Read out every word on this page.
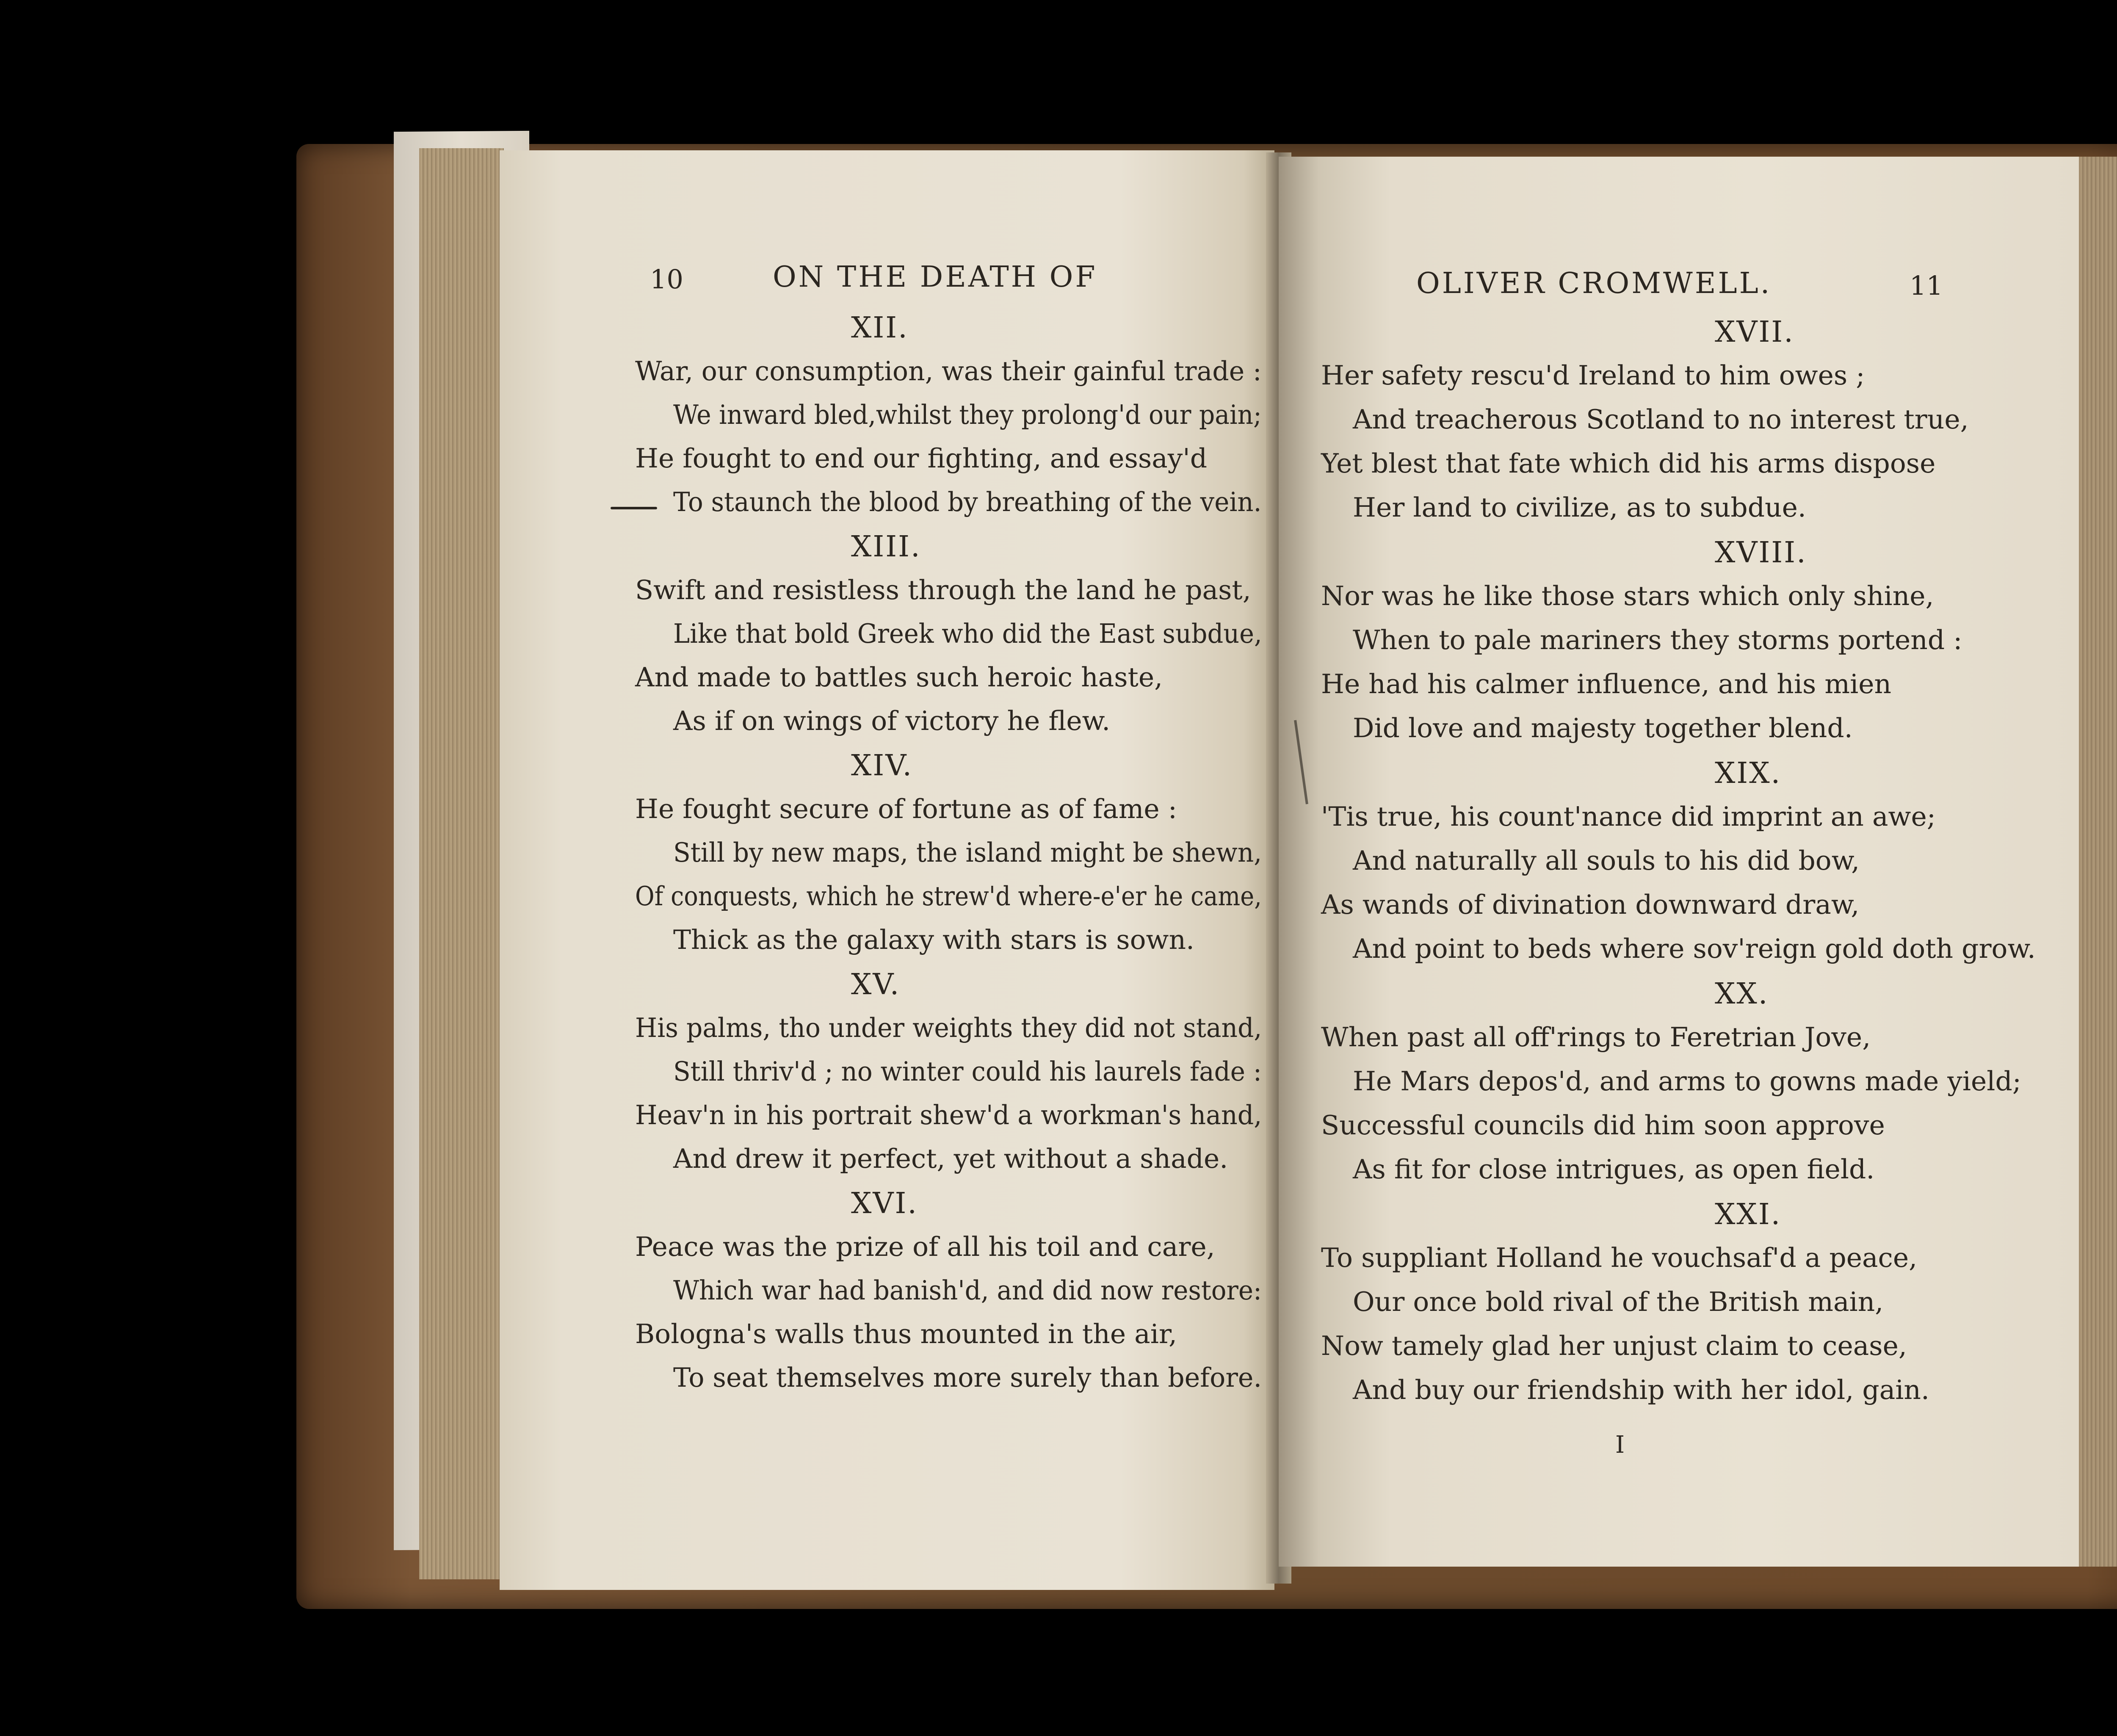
10	ON THE DEATH OF
XII.
War, our consumption, was their gainful trade :
We inward bled,whilst they prolong'd our pain;
He fought to end our fighting, and essay'd
To staunch the blood by breathing of the vein.
XIII.
Swift and resistless through the land he past,
Like that bold Greek who did the East subdue,
And made to battles such heroic haste,
As if on wings of victory he flew.
XIV.
He fought secure of fortune as of fame :
Still by new maps, the island might be shewn,
Of conquests, which he strew'd where-e'er he came,
Thick as the galaxy with stars is sown.
XV.
His palms, tho under weights they did not stand,
Still thriv'd ; no winter could his laurels fade :
Heav'n in his portrait shew'd a workman's hand,
And drew it perfect, yet without a shade.
XVI.
Peace was the prize of all his toil and care,
Which war had banish'd, and did now restore:
Bologna's walls thus mounted in the air,
To seat themselves more surely than before.
OLIVER CROMWELL.	11
XVII.
Her safety rescu'd Ireland to him owes ;
And treacherous Scotland to no interest true,
Yet blest that fate which did his arms dispose
Her land to civilize, as to subdue.
XVIII.
Nor was he like those stars which only shine,
When to pale mariners they storms portend :
He had his calmer influence, and his mien
Did love and majesty together blend.
XIX.
'Tis true, his count'nance did imprint an awe;
And naturally all souls to his did bow,
As wands of divination downward draw,
And point to beds where sov'reign gold doth grow.
XX.
When past all off'rings to Feretrian Jove,
He Mars depos'd, and arms to gowns made yield;
Successful councils did him soon approve
As fit for close intrigues, as open field.
XXI.
To suppliant Holland he vouchsaf'd a peace,
Our once bold rival of the British main,
Now tamely glad her unjust claim to cease,
And buy our friendship with her idol, gain.
I
